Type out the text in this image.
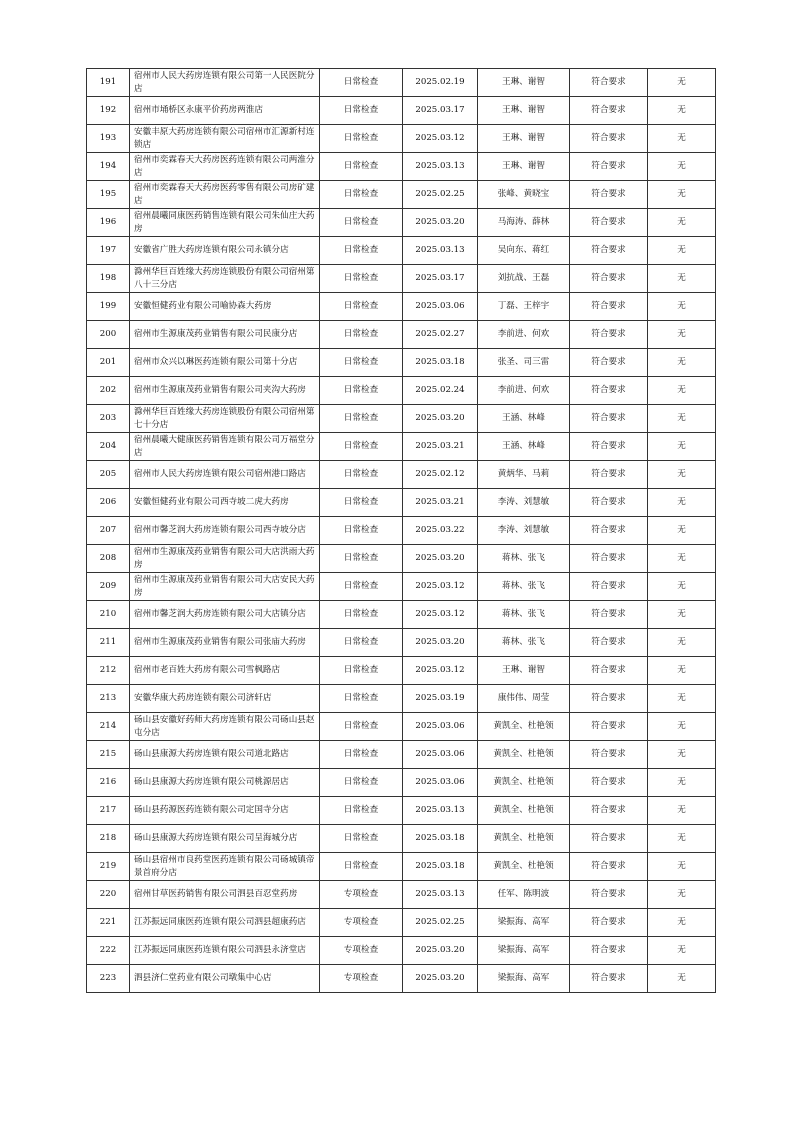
191	宿州市人民大药房连锁有限公司第一人民医院分店	日常检查	2025.02.19	王琳、谢智	符合要求	无
192	宿州市埇桥区永康平价药房两淮店	日常检查	2025.03.17	王琳、谢智	符合要求	无
193	安徽丰原大药房连锁有限公司宿州市汇源新村连锁店	日常检查	2025.03.12	王琳、谢智	符合要求	无
194	宿州市奕霖春天大药房医药连锁有限公司两淮分店	日常检查	2025.03.13	王琳、谢智	符合要求	无
195	宿州市奕霖春天大药房医药零售有限公司房矿建店	日常检查	2025.02.25	张峰、黄晓宝	符合要求	无
196	宿州晨曦同康医药销售连锁有限公司朱仙庄大药房	日常检查	2025.03.20	马海涛、薛林	符合要求	无
197	安徽省广胜大药房连锁有限公司永镇分店	日常检查	2025.03.13	吴向东、蒋红	符合要求	无
198	滁州华巨百姓缘大药房连锁股份有限公司宿州第八十三分店	日常检查	2025.03.17	刘抗战、王磊	符合要求	无
199	安徽恒健药业有限公司喻协森大药房	日常检查	2025.03.06	丁磊、王梓宇	符合要求	无
200	宿州市生源康茂药业销售有限公司民康分店	日常检查	2025.02.27	李前进、何欢	符合要求	无
201	宿州市众兴以琳医药连锁有限公司第十分店	日常检查	2025.03.18	张圣、司三雷	符合要求	无
202	宿州市生源康茂药业销售有限公司夹沟大药房	日常检查	2025.02.24	李前进、何欢	符合要求	无
203	滁州华巨百姓缘大药房连锁股份有限公司宿州第七十分店	日常检查	2025.03.20	王涵、林峰	符合要求	无
204	宿州晨曦大健康医药销售连锁有限公司万福堂分店	日常检查	2025.03.21	王涵、林峰	符合要求	无
205	宿州市人民大药房连锁有限公司宿州港口路店	日常检查	2025.02.12	黄炳华、马莉	符合要求	无
206	安徽恒健药业有限公司西寺坡二虎大药房	日常检查	2025.03.21	李涛、刘慧敏	符合要求	无
207	宿州市馨芝润大药房连锁有限公司西寺坡分店	日常检查	2025.03.22	李涛、刘慧敏	符合要求	无
208	宿州市生源康茂药业销售有限公司大店洪雨大药房	日常检查	2025.03.20	蒋林、张飞	符合要求	无
209	宿州市生源康茂药业销售有限公司大店安民大药房	日常检查	2025.03.12	蒋林、张飞	符合要求	无
210	宿州市馨芝润大药房连锁有限公司大店镇分店	日常检查	2025.03.12	蒋林、张飞	符合要求	无
211	宿州市生源康茂药业销售有限公司张庙大药房	日常检查	2025.03.20	蒋林、张飞	符合要求	无
212	宿州市老百姓大药房有限公司雪枫路店	日常检查	2025.03.12	王琳、谢智	符合要求	无
213	安徽华康大药房连锁有限公司济轩店	日常检查	2025.03.19	康伟伟、周莹	符合要求	无
214	砀山县安徽好药师大药房连锁有限公司砀山县赵屯分店	日常检查	2025.03.06	黄凯全、杜艳领	符合要求	无
215	砀山县康源大药房连锁有限公司道北路店	日常检查	2025.03.06	黄凯全、杜艳领	符合要求	无
216	砀山县康源大药房连锁有限公司桃源居店	日常检查	2025.03.06	黄凯全、杜艳领	符合要求	无
217	砀山县药源医药连锁有限公司定国寺分店	日常检查	2025.03.13	黄凯全、杜艳领	符合要求	无
218	砀山县康源大药房连锁有限公司呈海城分店	日常检查	2025.03.18	黄凯全、杜艳领	符合要求	无
219	砀山县宿州市良药堂医药连锁有限公司砀城镇帝景首府分店	日常检查	2025.03.18	黄凯全、杜艳领	符合要求	无
220	宿州甘草医药销售有限公司泗县百忍堂药房	专项检查	2025.03.13	任军、陈明波	符合要求	无
221	江苏振远同康医药连锁有限公司泗县超康药店	专项检查	2025.02.25	梁振海、高军	符合要求	无
222	江苏振远同康医药连锁有限公司泗县永济堂店	专项检查	2025.03.20	梁振海、高军	符合要求	无
223	泗县济仁堂药业有限公司墩集中心店	专项检查	2025.03.20	梁振海、高军	符合要求	无
